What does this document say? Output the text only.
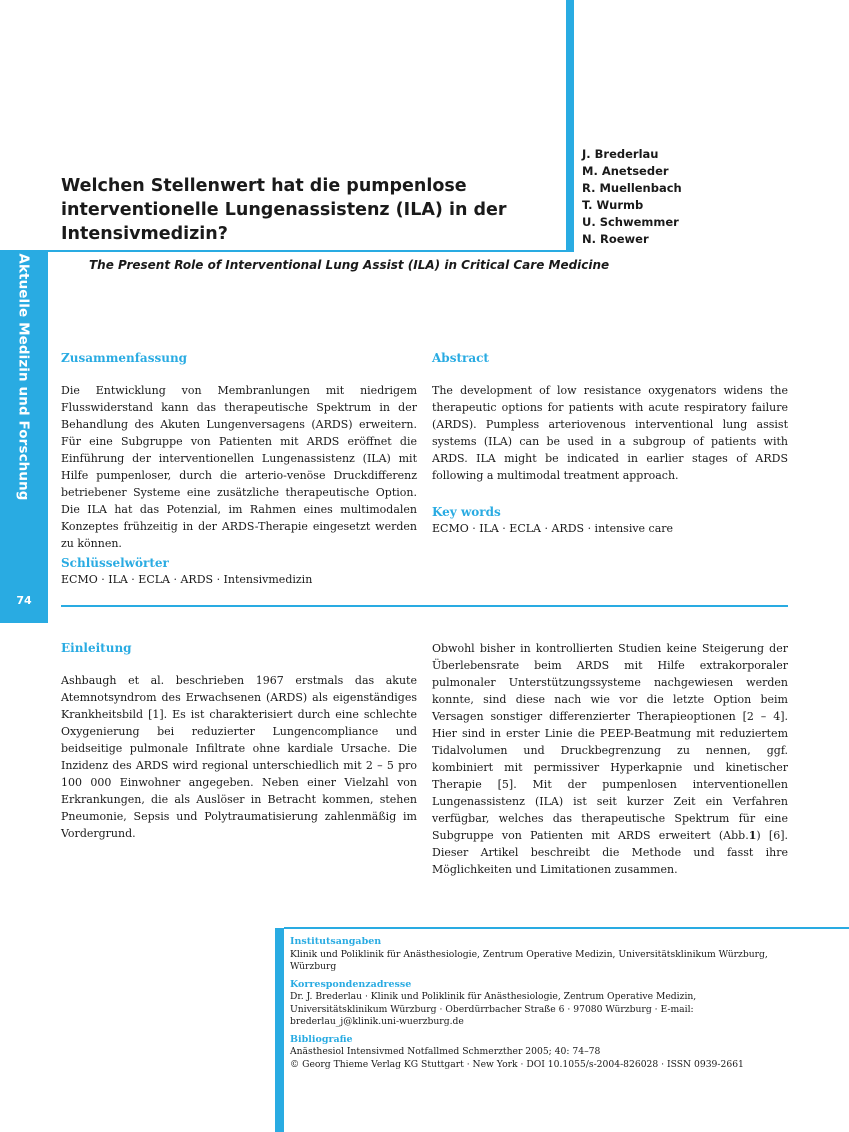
Aktuelle Medizin und Forschung
74
J. Brederlau
M. Anetseder
R. Muellenbach
T. Wurmb
U. Schwemmer
N. Roewer
Welchen Stellenwert hat die pumpenlose
interventionelle Lungenassistenz (ILA) in der
Intensivmedizin?
The Present Role of Interventional Lung Assist (ILA) in Critical Care Medicine
Zusammenfassung
Die Entwicklung von Membranlungen mit niedrigem Flusswiderstand kann das therapeutische Spektrum in der Behandlung des Akuten Lungenversagens (ARDS) erweitern. Für eine Subgruppe von Patienten mit ARDS eröffnet die Einführung der interventionellen Lungenassistenz (ILA) mit Hilfe pumpenloser, durch die arterio-venöse Druckdifferenz betriebener Systeme eine zusätzliche therapeutische Option. Die ILA hat das Potenzial, im Rahmen eines multimodalen Konzeptes frühzeitig in der ARDS-Therapie eingesetzt werden zu können.
Schlüsselwörter
ECMO · ILA · ECLA · ARDS · Intensivmedizin
Abstract
The development of low resistance oxygenators widens the therapeutic options for patients with acute respiratory failure (ARDS). Pumpless arteriovenous interventional lung assist systems (ILA) can be used in a subgroup of patients with ARDS. ILA might be indicated in earlier stages of ARDS following a multimodal treatment approach.
Key words
ECMO · ILA · ECLA · ARDS · intensive care
Einleitung
Ashbaugh et al. beschrieben 1967 erstmals das akute Atemnotsyndrom des Erwachsenen (ARDS) als eigenständiges Krankheitsbild [1]. Es ist charakterisiert durch eine schlechte Oxygenierung bei reduzierter Lungencompliance und beidseitige pulmonale Infiltrate ohne kardiale Ursache. Die Inzidenz des ARDS wird regional unterschiedlich mit 2 – 5 pro 100 000 Einwohner angegeben. Neben einer Vielzahl von Erkrankungen, die als Auslöser in Betracht kommen, stehen Pneumonie, Sepsis und Polytraumatisierung zahlenmäßig im Vordergrund.
Obwohl bisher in kontrollierten Studien keine Steigerung der Überlebensrate beim ARDS mit Hilfe extrakorporaler pulmonaler Unterstützungssysteme nachgewiesen werden konnte, sind diese nach wie vor die letzte Option beim Versagen sonstiger differenzierter Therapieoptionen [2 – 4]. Hier sind in erster Linie die PEEP-Beatmung mit reduziertem Tidalvolumen und Druckbegrenzung zu nennen, ggf. kombiniert mit permissiver Hyperkapnie und kinetischer Therapie [5]. Mit der pumpenlosen interventionellen Lungenassistenz (ILA) ist seit kurzer Zeit ein Verfahren verfügbar, welches das therapeutische Spektrum für eine Subgruppe von Patienten mit ARDS erweitert (Abb.1) [6]. Dieser Artikel beschreibt die Methode und fasst ihre Möglichkeiten und Limitationen zusammen.
Institutsangaben
Klinik und Poliklinik für Anästhesiologie, Zentrum Operative Medizin, Universitätsklinikum Würzburg, Würzburg
Korrespondenzadresse
Dr. J. Brederlau · Klinik und Poliklinik für Anästhesiologie, Zentrum Operative Medizin, Universitätsklinikum Würzburg · Oberdürrbacher Straße 6 · 97080 Würzburg · E-mail: brederlau_j@klinik.uni-wuerzburg.de
Bibliografie
Anästhesiol Intensivmed Notfallmed Schmerzther 2005; 40: 74–78
© Georg Thieme Verlag KG Stuttgart · New York · DOI 10.1055/s-2004-826028 · ISSN 0939-2661
